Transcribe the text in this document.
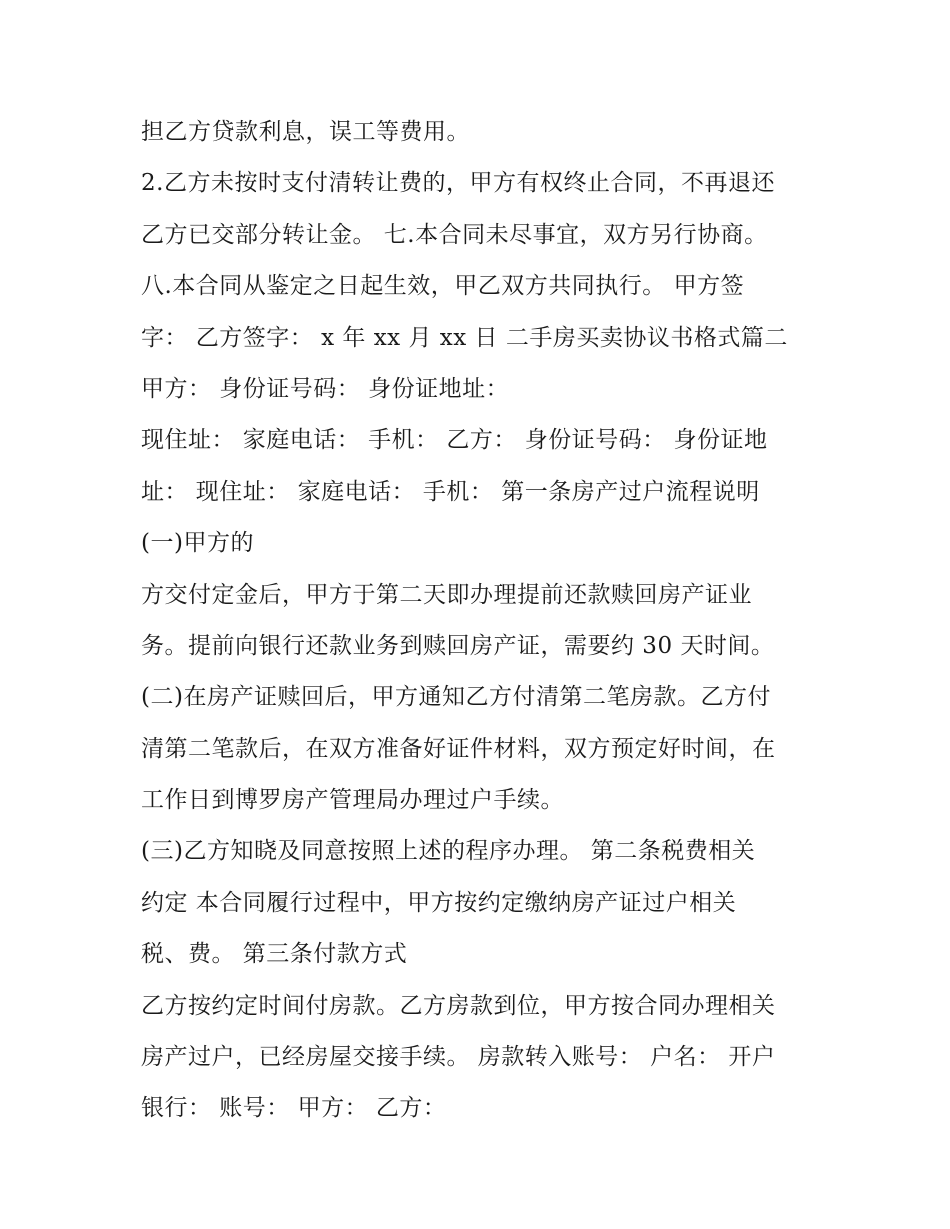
担乙方贷款利息，误工等费用。
2.乙方未按时支付清转让费的，甲方有权终止合同，不再退还
乙方已交部分转让金。 七.本合同未尽事宜，双方另行协商。
八.本合同从鉴定之日起生效，甲乙双方共同执行。 甲方签
字： 乙方签字： x 年 xx 月 xx 日 二手房买卖协议书格式篇二
甲方： 身份证号码： 身份证地址：
现住址： 家庭电话： 手机： 乙方： 身份证号码： 身份证地
址： 现住址： 家庭电话： 手机： 第一条房产过户流程说明
(一)甲方的
方交付定金后，甲方于第二天即办理提前还款赎回房产证业
务。提前向银行还款业务到赎回房产证，需要约 30 天时间。
(二)在房产证赎回后，甲方通知乙方付清第二笔房款。乙方付
清第二笔款后，在双方准备好证件材料，双方预定好时间，在
工作日到博罗房产管理局办理过户手续。
(三)乙方知晓及同意按照上述的程序办理。 第二条税费相关
约定 本合同履行过程中，甲方按约定缴纳房产证过户相关
税、费。 第三条付款方式
乙方按约定时间付房款。乙方房款到位，甲方按合同办理相关
房产过户，已经房屋交接手续。 房款转入账号： 户名： 开户
银行： 账号： 甲方： 乙方：
